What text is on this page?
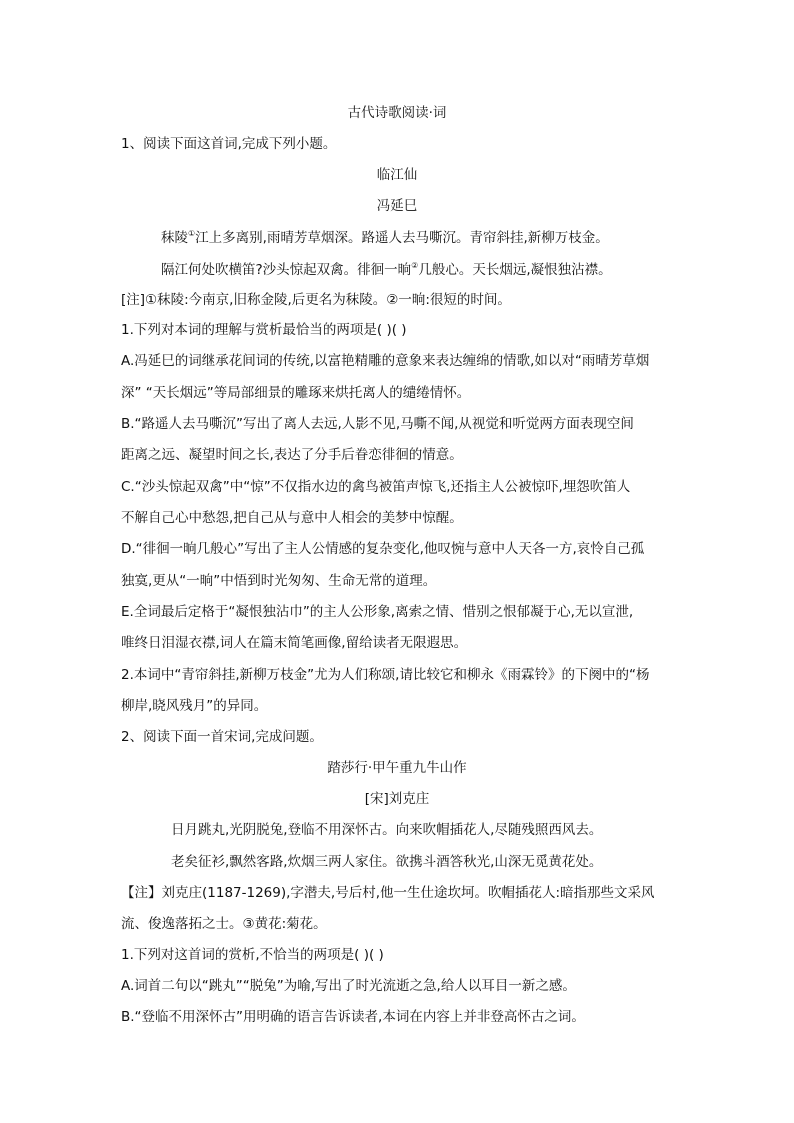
古代诗歌阅读·词
1、阅读下面这首词,完成下列小题。
临江仙
冯延巳
秣陵①江上多离别,雨晴芳草烟深。路遥人去马嘶沉。青帘斜挂,新柳万枝金。
隔江何处吹横笛?沙头惊起双禽。徘徊一晌②几般心。天长烟远,凝恨独沾襟。
[注]①秣陵:今南京,旧称金陵,后更名为秣陵。②一晌:很短的时间。
1.下列对本词的理解与赏析最恰当的两项是( )( )
A.冯延巳的词继承花间词的传统,以富艳精雕的意象来表达缠绵的情歌,如以对“雨晴芳草烟
深” “天长烟远”等局部细景的雕琢来烘托离人的缱绻情怀。
B.“路遥人去马嘶沉”写出了离人去远,人影不见,马嘶不闻,从视觉和听觉两方面表现空间
距离之远、凝望时间之长,表达了分手后眷恋徘徊的情意。
C.“沙头惊起双禽”中“惊”不仅指水边的禽鸟被笛声惊飞,还指主人公被惊吓,埋怨吹笛人
不解自己心中愁怨,把自己从与意中人相会的美梦中惊醒。
D.“徘徊一晌几般心”写出了主人公情感的复杂变化,他叹惋与意中人天各一方,哀怜自己孤
独寞,更从“一晌”中悟到时光匆匆、生命无常的道理。
E.全词最后定格于“凝恨独沾巾”的主人公形象,离索之情、惜别之恨郁凝于心,无以宣泄,
唯终日泪湿衣襟,词人在篇末简笔画像,留给读者无限遐思。
2.本词中“青帘斜挂,新柳万枝金”尤为人们称颂,请比较它和柳永《雨霖铃》的下阕中的“杨
柳岸,晓风残月”的异同。
2、阅读下面一首宋词,完成问题。
踏莎行·甲午重九牛山作
[宋]刘克庄
日月跳丸,光阴脱兔,登临不用深怀古。向来吹帽插花人,尽随残照西风去。
老矣征衫,飘然客路,炊烟三两人家住。欲携斗酒答秋光,山深无觅黄花处。
【注】刘克庄(1187-1269),字潜夫,号后村,他一生仕途坎坷。吹帽插花人:暗指那些文采风
流、俊逸落拓之士。③黄花:菊花。
1.下列对这首词的赏析,不恰当的两项是( )( )
A.词首二句以“跳丸”“脱兔”为喻,写出了时光流逝之急,给人以耳目一新之感。
B.“登临不用深怀古”用明确的语言告诉读者,本词在内容上并非登高怀古之词。
